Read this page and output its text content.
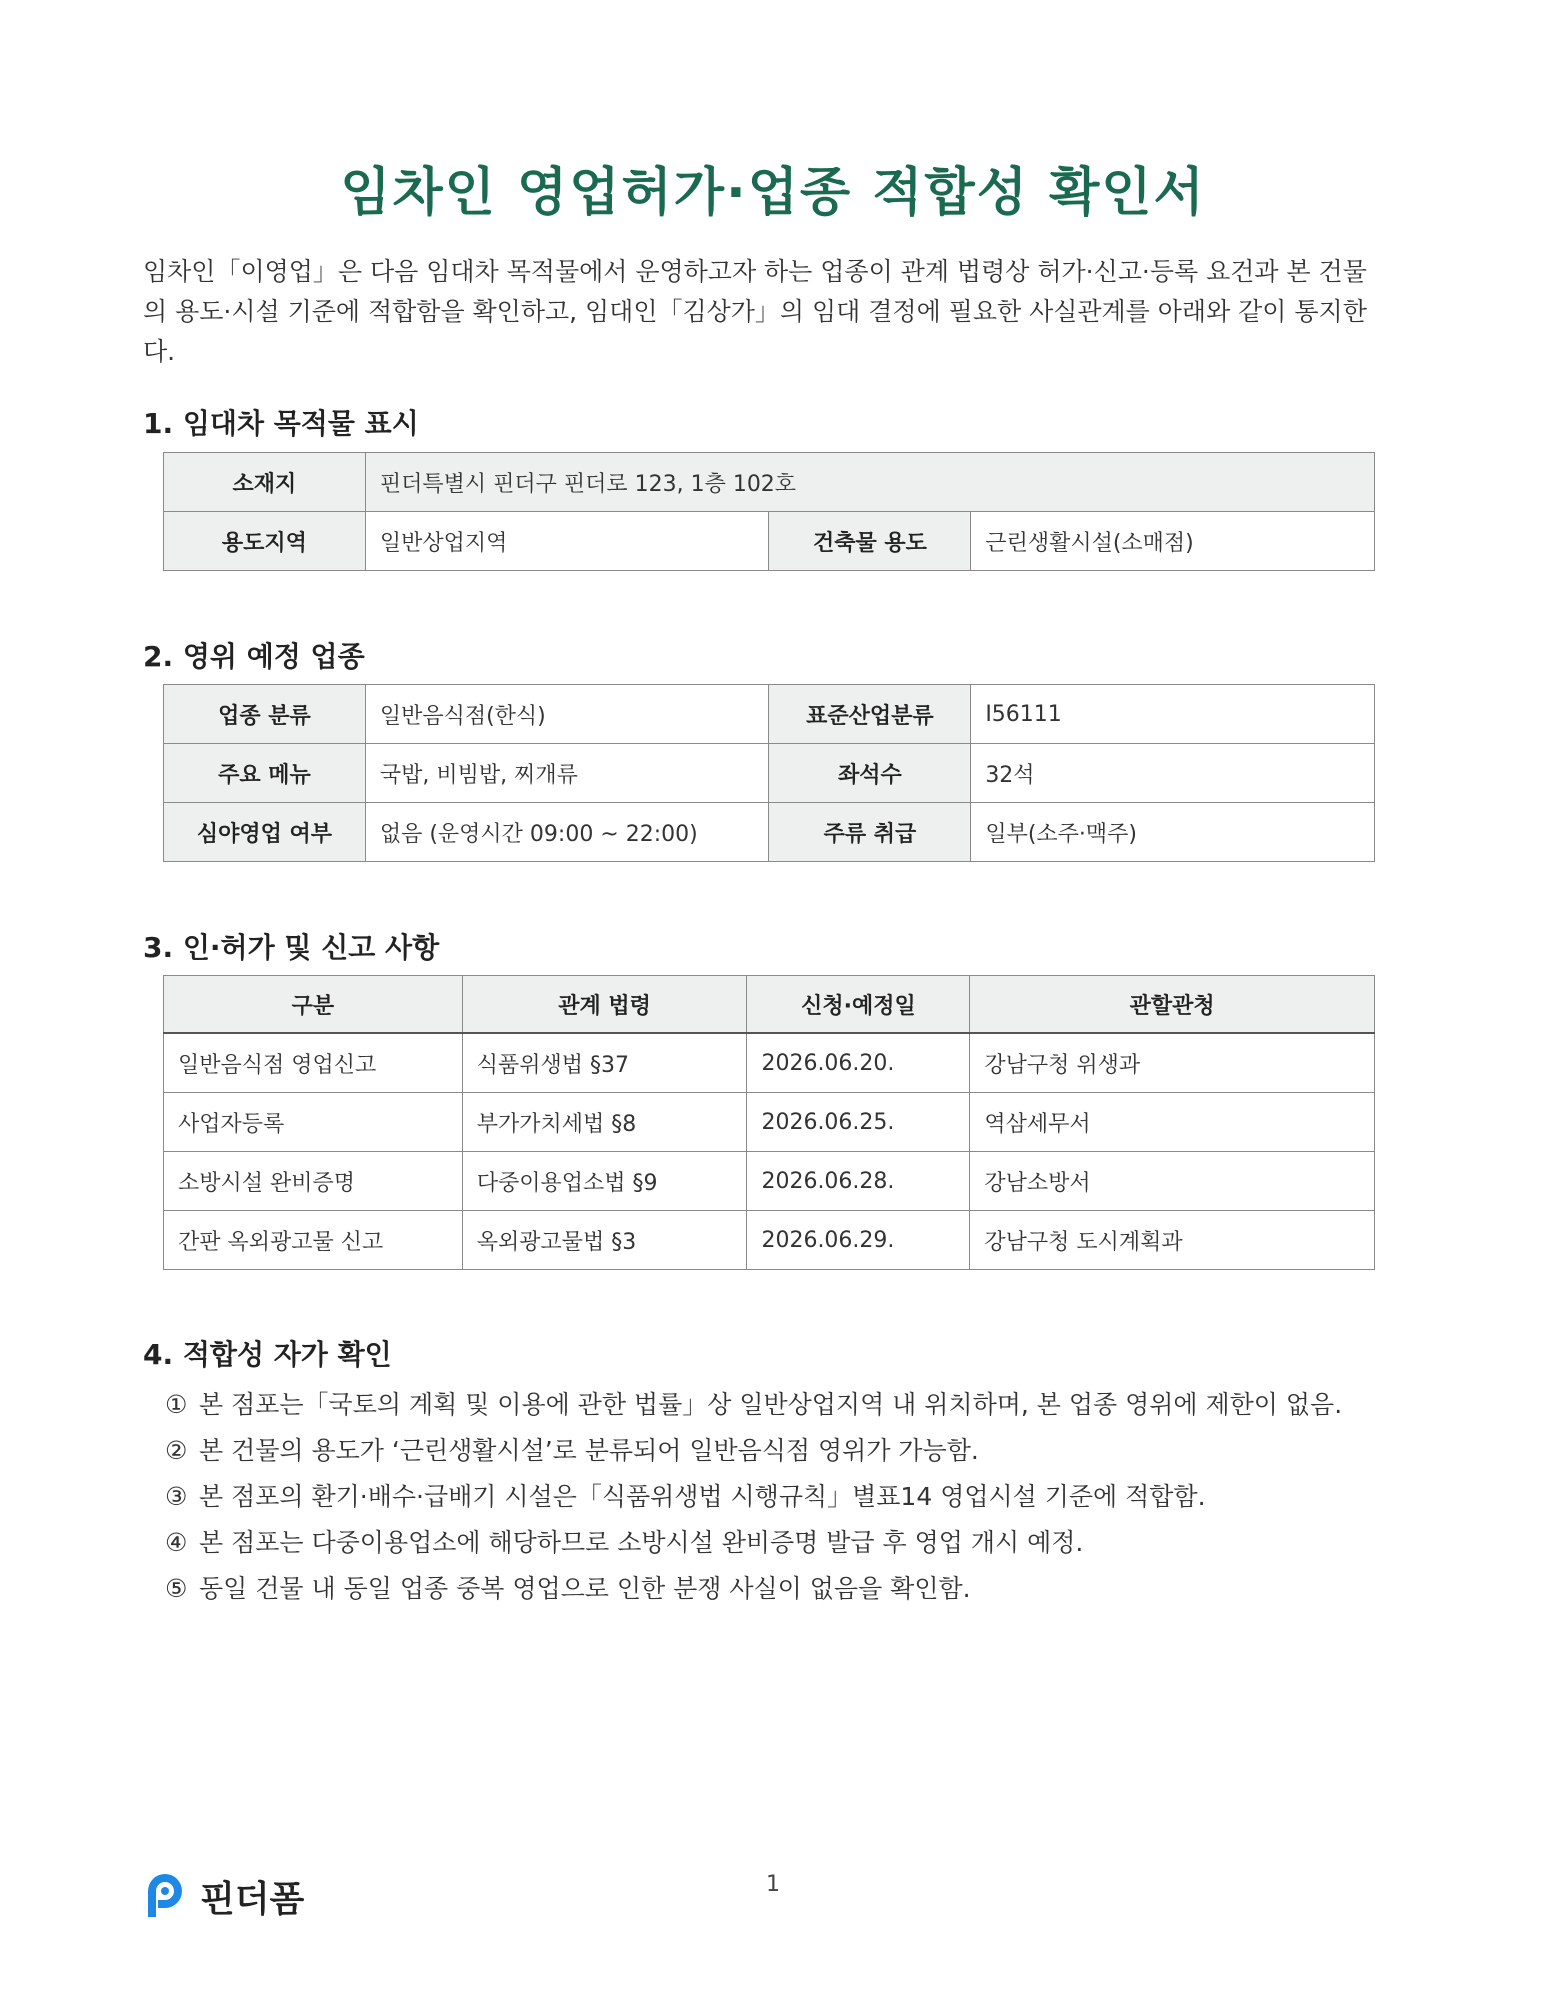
임차인 영업허가·업종 적합성 확인서
임차인「이영업」은 다음 임대차 목적물에서 운영하고자 하는 업종이 관계 법령상 허가·신고·등록 요건과 본 건물의 용도·시설 기준에 적합함을 확인하고, 임대인「김상가」의 임대 결정에 필요한 사실관계를 아래와 같이 통지한다.
1. 임대차 목적물 표시
소재지	핀더특별시 핀더구 핀더로 123, 1층 102호		
용도지역	일반상업지역	건축물 용도	근린생활시설(소매점)
2. 영위 예정 업종
업종 분류	일반음식점(한식)	표준산업분류	I56111
주요 메뉴	국밥, 비빔밥, 찌개류	좌석수	32석
심야영업 여부	없음 (운영시간 09:00 ~ 22:00)	주류 취급	일부(소주·맥주)
3. 인·허가 및 신고 사항
구분	관계 법령	신청·예정일	관할관청
일반음식점 영업신고	식품위생법 §37	2026.06.20.	강남구청 위생과
사업자등록	부가가치세법 §8	2026.06.25.	역삼세무서
소방시설 완비증명	다중이용업소법 §9	2026.06.28.	강남소방서
간판 옥외광고물 신고	옥외광고물법 §3	2026.06.29.	강남구청 도시계획과
4. 적합성 자가 확인
① 본 점포는「국토의 계획 및 이용에 관한 법률」상 일반상업지역 내 위치하며, 본 업종 영위에 제한이 없음.
② 본 건물의 용도가 ‘근린생활시설’로 분류되어 일반음식점 영위가 가능함.
③ 본 점포의 환기·배수·급배기 시설은「식품위생법 시행규칙」별표14 영업시설 기준에 적합함.
④ 본 점포는 다중이용업소에 해당하므로 소방시설 완비증명 발급 후 영업 개시 예정.
⑤ 동일 건물 내 동일 업종 중복 영업으로 인한 분쟁 사실이 없음을 확인함.
핀더폼	1
